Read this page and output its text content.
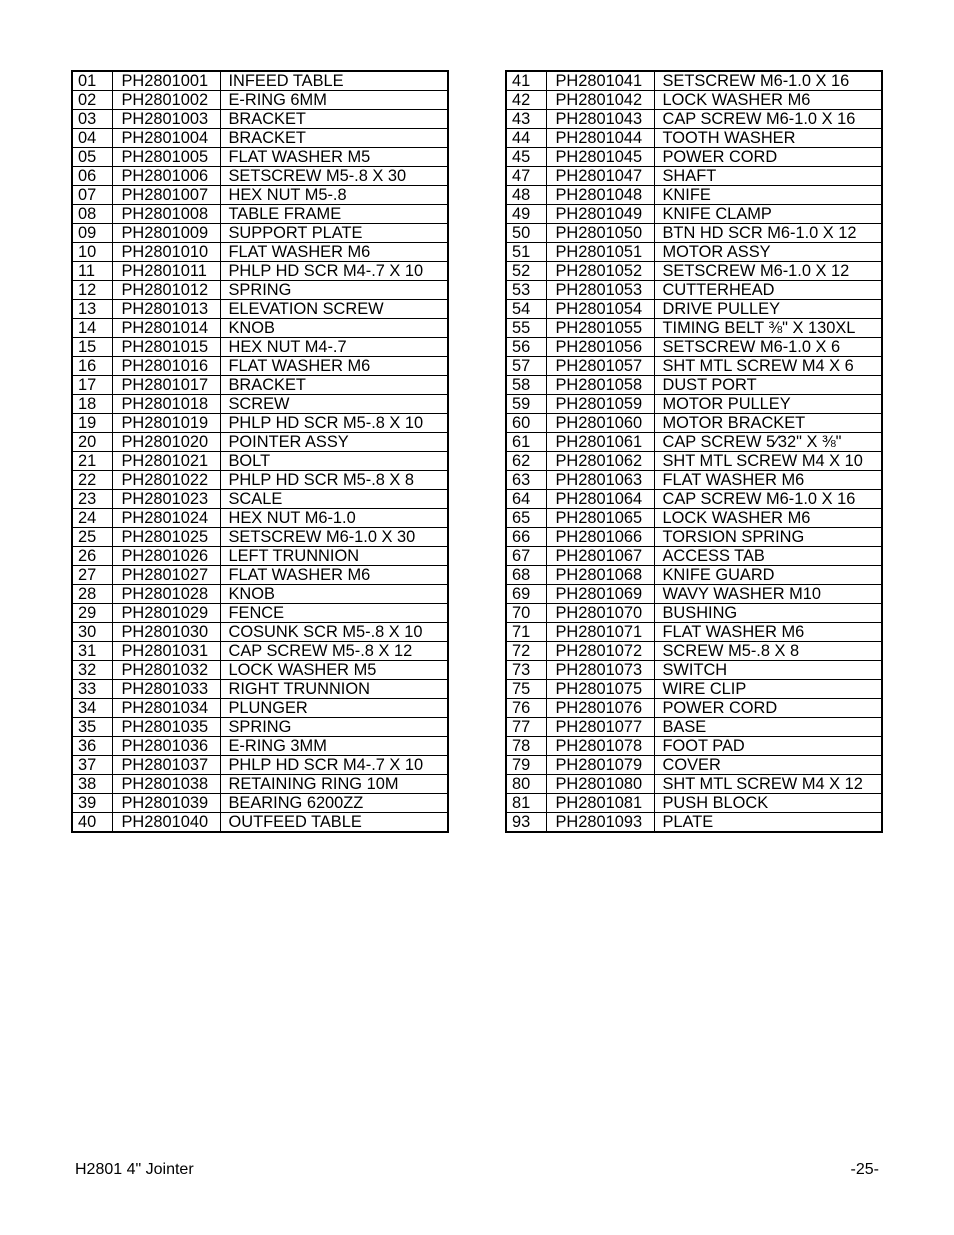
01	PH2801001	INFEED TABLE
02	PH2801002	E-RING 6MM
03	PH2801003	BRACKET
04	PH2801004	BRACKET
05	PH2801005	FLAT WASHER M5
06	PH2801006	SETSCREW M5-.8 X 30
07	PH2801007	HEX NUT M5-.8
08	PH2801008	TABLE FRAME
09	PH2801009	SUPPORT PLATE
10	PH2801010	FLAT WASHER M6
11	PH2801011	PHLP HD SCR M4-.7 X 10
12	PH2801012	SPRING
13	PH2801013	ELEVATION SCREW
14	PH2801014	KNOB
15	PH2801015	HEX NUT M4-.7
16	PH2801016	FLAT WASHER M6
17	PH2801017	BRACKET
18	PH2801018	SCREW
19	PH2801019	PHLP HD SCR M5-.8 X 10
20	PH2801020	POINTER ASSY
21	PH2801021	BOLT
22	PH2801022	PHLP HD SCR M5-.8 X 8
23	PH2801023	SCALE
24	PH2801024	HEX NUT M6-1.0
25	PH2801025	SETSCREW M6-1.0 X 30
26	PH2801026	LEFT TRUNNION
27	PH2801027	FLAT WASHER M6
28	PH2801028	KNOB
29	PH2801029	FENCE
30	PH2801030	COSUNK SCR M5-.8 X 10
31	PH2801031	CAP SCREW M5-.8 X 12
32	PH2801032	LOCK WASHER M5
33	PH2801033	RIGHT TRUNNION
34	PH2801034	PLUNGER
35	PH2801035	SPRING
36	PH2801036	E-RING 3MM
37	PH2801037	PHLP HD SCR M4-.7 X 10
38	PH2801038	RETAINING RING 10M
39	PH2801039	BEARING 6200ZZ
40	PH2801040	OUTFEED TABLE
41	PH2801041	SETSCREW M6-1.0 X 16
42	PH2801042	LOCK WASHER M6
43	PH2801043	CAP SCREW M6-1.0 X 16
44	PH2801044	TOOTH WASHER
45	PH2801045	POWER CORD
47	PH2801047	SHAFT
48	PH2801048	KNIFE
49	PH2801049	KNIFE CLAMP
50	PH2801050	BTN HD SCR M6-1.0 X 12
51	PH2801051	MOTOR ASSY
52	PH2801052	SETSCREW M6-1.0 X 12
53	PH2801053	CUTTERHEAD
54	PH2801054	DRIVE PULLEY
55	PH2801055	TIMING BELT ⅜" X 130XL
56	PH2801056	SETSCREW M6-1.0 X 6
57	PH2801057	SHT MTL SCREW M4 X 6
58	PH2801058	DUST PORT
59	PH2801059	MOTOR PULLEY
60	PH2801060	MOTOR BRACKET
61	PH2801061	CAP SCREW 5⁄32" X ⅜"
62	PH2801062	SHT MTL SCREW M4 X 10
63	PH2801063	FLAT WASHER M6
64	PH2801064	CAP SCREW M6-1.0 X 16
65	PH2801065	LOCK WASHER M6
66	PH2801066	TORSION SPRING
67	PH2801067	ACCESS TAB
68	PH2801068	KNIFE GUARD
69	PH2801069	WAVY WASHER M10
70	PH2801070	BUSHING
71	PH2801071	FLAT WASHER M6
72	PH2801072	SCREW M5-.8 X 8
73	PH2801073	SWITCH
75	PH2801075	WIRE CLIP
76	PH2801076	POWER CORD
77	PH2801077	BASE
78	PH2801078	FOOT PAD
79	PH2801079	COVER
80	PH2801080	SHT MTL SCREW M4 X 12
81	PH2801081	PUSH BLOCK
93	PH2801093	PLATE
H2801 4" Jointer	-25-
